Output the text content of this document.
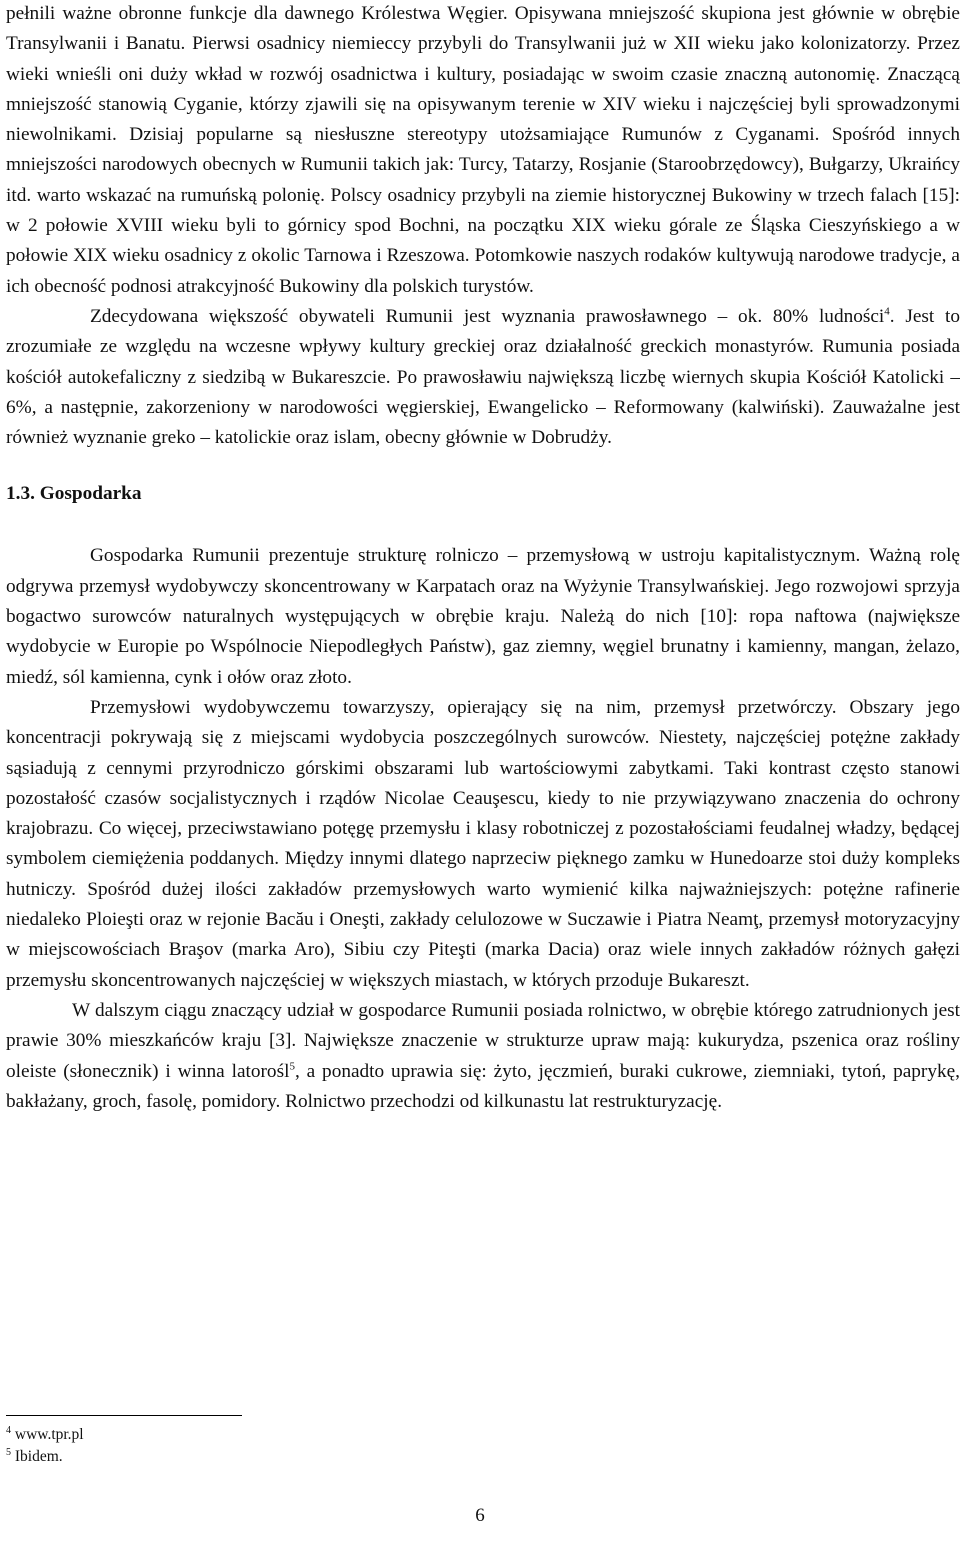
pełnili ważne obronne funkcje dla dawnego Królestwa Węgier. Opisywana mniejszość skupiona jest głównie w obrębie Transylwanii i Banatu. Pierwsi osadnicy niemieccy przybyli do Transylwanii już w XII wieku jako kolonizatorzy. Przez wieki wnieśli oni duży wkład w rozwój osadnictwa i kultury, posiadając w swoim czasie znaczną autonomię. Znaczącą mniejszość stanowią Cyganie, którzy zjawili się na opisywanym terenie w XIV wieku i najczęściej byli sprowadzonymi niewolnikami. Dzisiaj popularne są niesłuszne stereotypy utożsamiające Rumunów z Cyganami. Spośród innych mniejszości narodowych obecnych w Rumunii takich jak: Turcy, Tatarzy, Rosjanie (Staroobrzędowcy), Bułgarzy, Ukraińcy itd. warto wskazać na rumuńską polonię. Polscy osadnicy przybyli na ziemie historycznej Bukowiny w trzech falach [15]: w 2 połowie XVIII wieku byli to górnicy spod Bochni, na początku XIX wieku górale ze Śląska Cieszyńskiego a w połowie XIX wieku osadnicy z okolic Tarnowa i Rzeszowa. Potomkowie naszych rodaków kultywują narodowe tradycje, a ich obecność podnosi atrakcyjność Bukowiny dla polskich turystów.

Zdecydowana większość obywateli Rumunii jest wyznania prawosławnego – ok. 80% ludności$^4$. Jest to zrozumiałe ze względu na wczesne wpływy kultury greckiej oraz działalność greckich monastyrów. Rumunia posiada kościół autokefaliczny z siedzibą w Bukareszcie. Po prawosławiu największą liczbę wiernych skupia Kościół Katolicki – 6%, a następnie, zakorzeniony w narodowości węgierskiej, Ewangelicko – Reformowany (kalwiński). Zauważalne jest również wyznanie greko – katolickie oraz islam, obecny głównie w Dobrudży.

1.3. Gospodarka

Gospodarka Rumunii prezentuje strukturę rolniczo – przemysłową w ustroju kapitalistycznym. Ważną rolę odgrywa przemysł wydobywczy skoncentrowany w Karpatach oraz na Wyżynie Transylwańskiej. Jego rozwojowi sprzyja bogactwo surowców naturalnych występujących w obrębie kraju. Należą do nich [10]: ropa naftowa (największe wydobycie w Europie po Wspólnocie Niepodległych Państw), gaz ziemny, węgiel brunatny i kamienny, mangan, żelazo, miedź, sól kamienna, cynk i ołów oraz złoto.

Przemysłowi wydobywczemu towarzyszy, opierający się na nim, przemysł przetwórczy. Obszary jego koncentracji pokrywają się z miejscami wydobycia poszczególnych surowców. Niestety, najczęściej potężne zakłady sąsiadują z cennymi przyrodniczo górskimi obszarami lub wartościowymi zabytkami. Taki kontrast często stanowi pozostałość czasów socjalistycznych i rządów Nicolae Ceauşescu, kiedy to nie przywiązywano znaczenia do ochrony krajobrazu. Co więcej, przeciwstawiano potęgę przemysłu i klasy robotniczej z pozostałościami feudalnej władzy, będącej symbolem ciemiężenia poddanych. Między innymi dlatego naprzeciw pięknego zamku w Hunedoarze stoi duży kompleks hutniczy. Spośród dużej ilości zakładów przemysłowych warto wymienić kilka najważniejszych: potężne rafinerie niedaleko Ploieşti oraz w rejonie Bacău i Oneşti, zakłady celulozowe w Suczawie i Piatra Neamţ, przemysł motoryzacyjny w miejscowościach Braşov (marka Aro), Sibiu czy Piteşti (marka Dacia) oraz wiele innych zakładów różnych gałęzi przemysłu skoncentrowanych najczęściej w większych miastach, w których przoduje Bukareszt.

W dalszym ciągu znaczący udział w gospodarce Rumunii posiada rolnictwo, w obrębie którego zatrudnionych jest prawie 30% mieszkańców kraju [3]. Największe znaczenie w strukturze upraw mają: kukurydza, pszenica oraz rośliny oleiste (słonecznik) i winna latorośl$^5$, a ponadto uprawia się: żyto, jęczmień, buraki cukrowe, ziemniaki, tytoń, paprykę, bakłażany, groch, fasolę, pomidory. Rolnictwo przechodzi od kilkunastu lat restrukturyzację.

$^4$ www.tpr.pl
$^5$ Ibidem.
6
